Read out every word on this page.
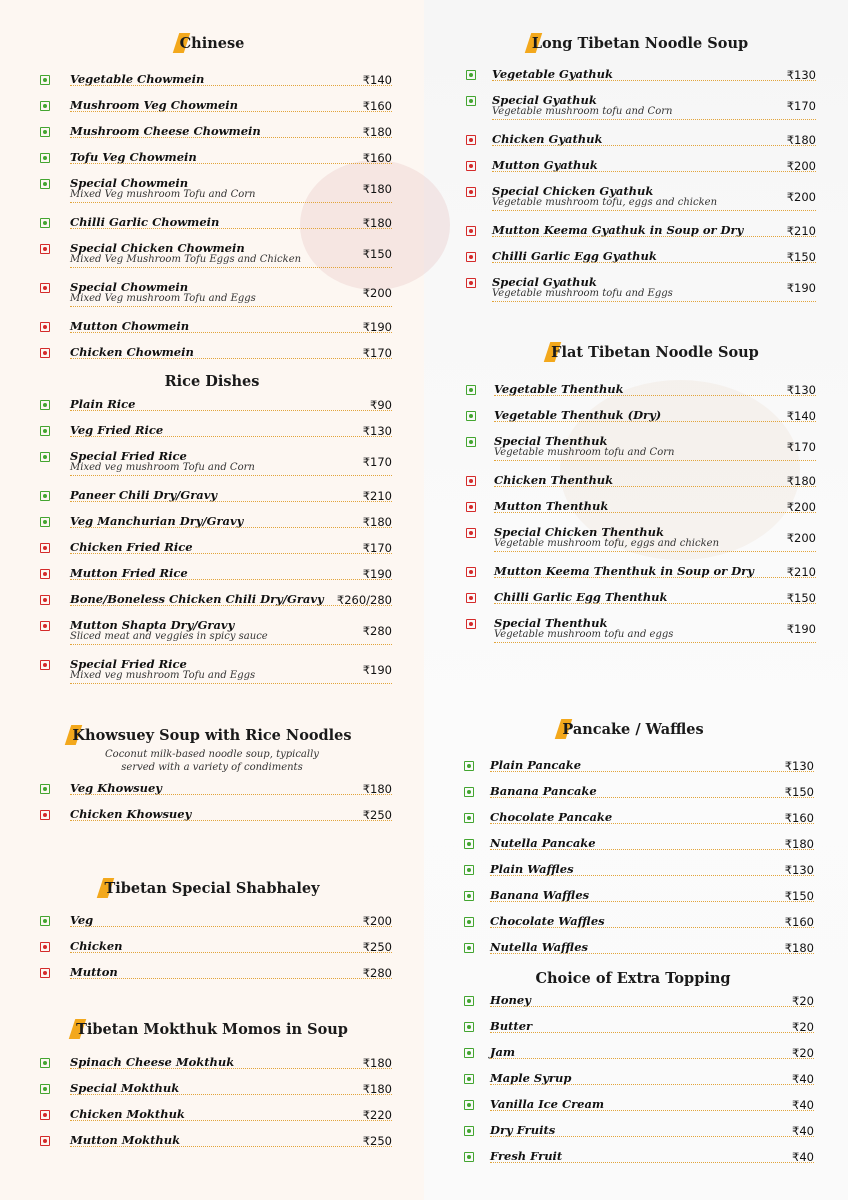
Chinese
Vegetable Chowmein	₹140
Mushroom Veg Chowmein	₹160
Mushroom Cheese Chowmein	₹180
Tofu Veg Chowmein	₹160
Special Chowmein
Mixed Veg mushroom Tofu and Corn	₹180
Chilli Garlic Chowmein	₹180
Special Chicken Chowmein
Mixed Veg Mushroom Tofu Eggs and Chicken	₹150
Special Chowmein
Mixed Veg mushroom Tofu and Eggs	₹200
Mutton Chowmein	₹190
Chicken Chowmein	₹170
Rice Dishes
Plain Rice	₹90
Veg Fried Rice	₹130
Special Fried Rice
Mixed veg mushroom Tofu and Corn	₹170
Paneer Chili Dry/Gravy	₹210
Veg Manchurian Dry/Gravy	₹180
Chicken Fried Rice	₹170
Mutton Fried Rice	₹190
Bone/Boneless Chicken Chili Dry/Gravy ₹260/280
Mutton Shapta Dry/Gravy
Sliced meat and veggies in spicy sauce	₹280
Special Fried Rice
Mixed veg mushroom Tofu and Eggs	₹190
Khowsuey Soup with Rice Noodles
Coconut milk-based noodle soup, typically served with a variety of condiments
Veg Khowsuey	₹180
Chicken Khowsuey	₹250
Tibetan Special Shabhaley
Veg	₹200
Chicken	₹250
Mutton	₹280
Tibetan Mokthuk Momos in Soup
Spinach Cheese Mokthuk	₹180
Special Mokthuk	₹180
Chicken Mokthuk	₹220
Mutton Mokthuk	₹250
Long Tibetan Noodle Soup
Vegetable Gyathuk	₹130
Special Gyathuk
Vegetable mushroom tofu and Corn	₹170
Chicken Gyathuk	₹180
Mutton Gyathuk	₹200
Special Chicken Gyathuk
Vegetable mushroom tofu, eggs and chicken	₹200
Mutton Keema Gyathuk in Soup or Dry	₹210
Chilli Garlic Egg Gyathuk	₹150
Special Gyathuk
Vegetable mushroom tofu and Eggs	₹190
Flat Tibetan Noodle Soup
Vegetable Thenthuk	₹130
Vegetable Thenthuk (Dry)	₹140
Special Thenthuk
Vegetable mushroom tofu and Corn	₹170
Chicken Thenthuk	₹180
Mutton Thenthuk	₹200
Special Chicken Thenthuk
Vegetable mushroom tofu, eggs and chicken	₹200
Mutton Keema Thenthuk in Soup or Dry	₹210
Chilli Garlic Egg Thenthuk	₹150
Special Thenthuk
Vegetable mushroom tofu and eggs	₹190
Pancake / Waffles
Plain Pancake	₹130
Banana Pancake	₹150
Chocolate Pancake	₹160
Nutella Pancake	₹180
Plain Waffles	₹130
Banana Waffles	₹150
Chocolate Waffles	₹160
Nutella Waffles	₹180
Choice of Extra Topping
Honey	₹20
Butter	₹20
Jam	₹20
Maple Syrup	₹40
Vanilla Ice Cream	₹40
Dry Fruits	₹40
Fresh Fruit	₹40
